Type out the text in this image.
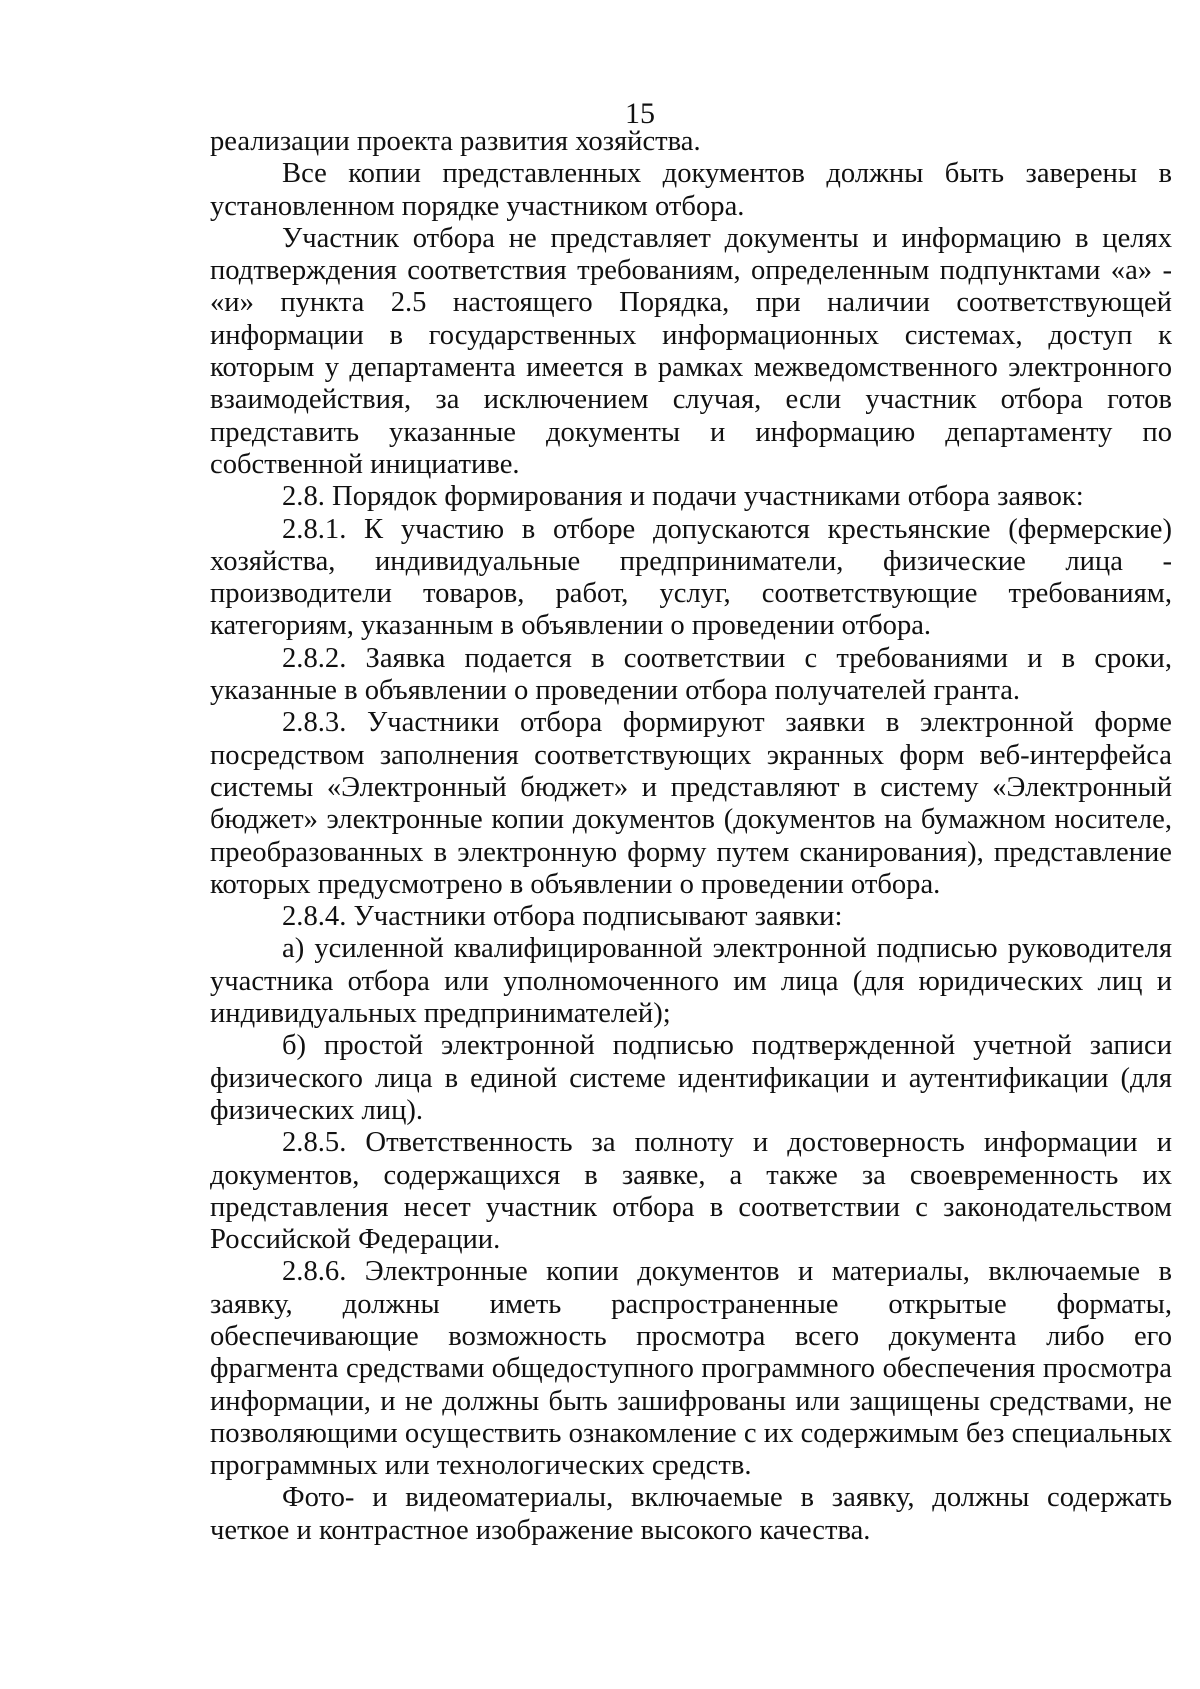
15

реализации проекта развития хозяйства.

Все копии представленных документов должны быть заверены в установленном порядке участником отбора.

Участник отбора не представляет документы и информацию в целях подтверждения соответствия требованиям, определенным подпунктами «а» - «и» пункта 2.5 настоящего Порядка, при наличии соответствующей информации в государственных информационных системах, доступ к которым у департамента имеется в рамках межведомственного электронного взаимодействия, за исключением случая, если участник отбора готов представить указанные документы и информацию департаменту по собственной инициативе.

2.8. Порядок формирования и подачи участниками отбора заявок:

2.8.1. К участию в отборе допускаются крестьянские (фермерские) хозяйства, индивидуальные предприниматели, физические лица - производители товаров, работ, услуг, соответствующие требованиям, категориям, указанным в объявлении о проведении отбора.

2.8.2. Заявка подается в соответствии с требованиями и в сроки, указанные в объявлении о проведении отбора получателей гранта.

2.8.3. Участники отбора формируют заявки в электронной форме посредством заполнения соответствующих экранных форм веб-интерфейса системы «Электронный бюджет» и представляют в систему «Электронный бюджет» электронные копии документов (документов на бумажном носителе, преобразованных в электронную форму путем сканирования), представление которых предусмотрено в объявлении о проведении отбора.

2.8.4. Участники отбора подписывают заявки:

а) усиленной квалифицированной электронной подписью руководителя участника отбора или уполномоченного им лица (для юридических лиц и индивидуальных предпринимателей);

б) простой электронной подписью подтвержденной учетной записи физического лица в единой системе идентификации и аутентификации (для физических лиц).

2.8.5. Ответственность за полноту и достоверность информации и документов, содержащихся в заявке, а также за своевременность их представления несет участник отбора в соответствии с законодательством Российской Федерации.

2.8.6. Электронные копии документов и материалы, включаемые в заявку, должны иметь распространенные открытые форматы, обеспечивающие возможность просмотра всего документа либо его фрагмента средствами общедоступного программного обеспечения просмотра информации, и не должны быть зашифрованы или защищены средствами, не позволяющими осуществить ознакомление с их содержимым без специальных программных или технологических средств.

Фото- и видеоматериалы, включаемые в заявку, должны содержать четкое и контрастное изображение высокого качества.
